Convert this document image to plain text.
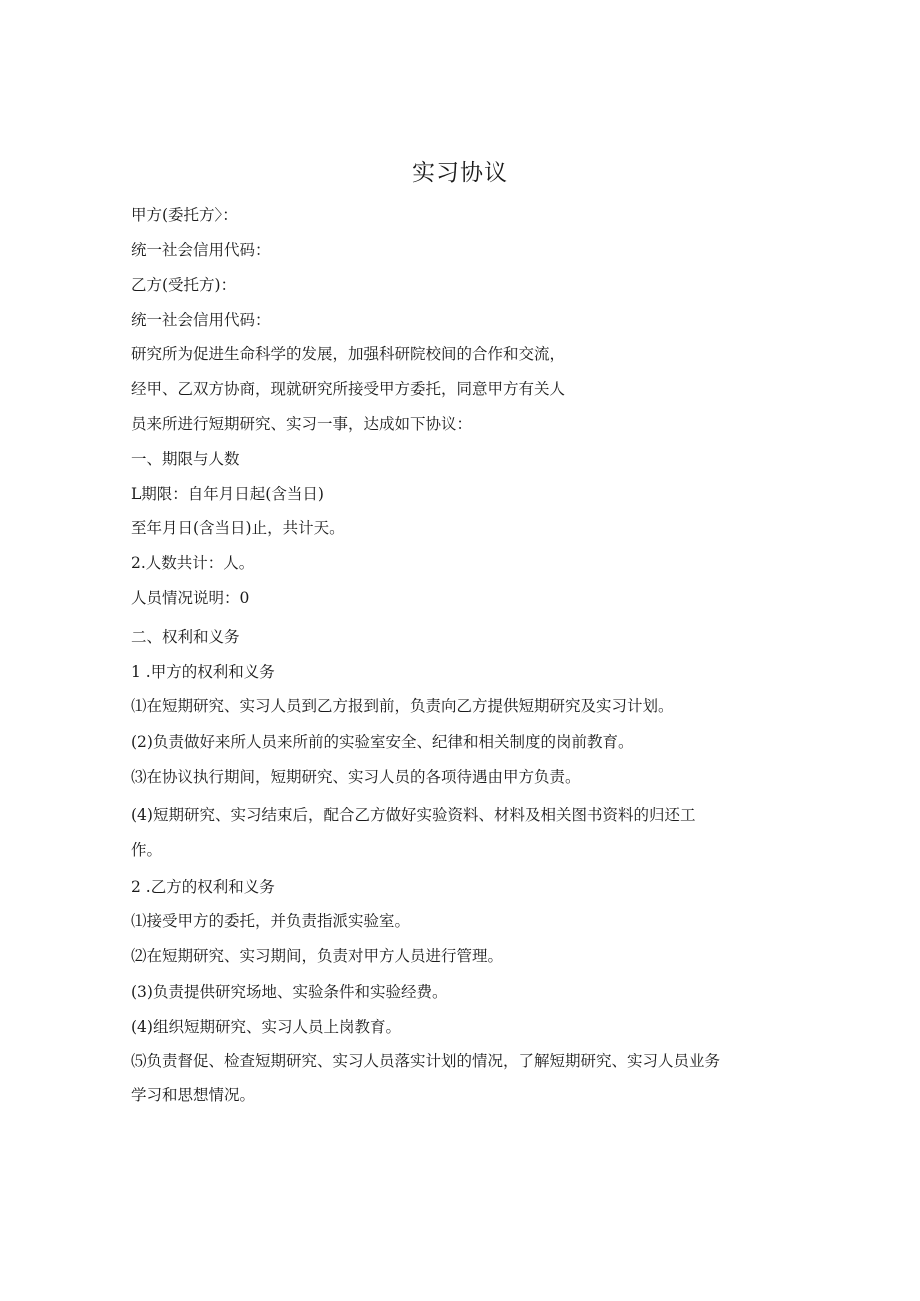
实习协议
甲方(委托方〉：
统一社会信用代码：
乙方(受托方)：
统一社会信用代码：
研究所为促进生命科学的发展，加强科研院校间的合作和交流，
经甲、乙双方协商，现就研究所接受甲方委托，同意甲方有关人
员来所进行短期研究、实习一事，达成如下协议：
一、期限与人数
L期限：自年月日起(含当日)
至年月日(含当日)止，共计天。
2.人数共计：人。
人员情况说明：0
二、权利和义务
1 .甲方的权利和义务
⑴在短期研究、实习人员到乙方报到前，负责向乙方提供短期研究及实习计划。
(2)负责做好来所人员来所前的实验室安全、纪律和相关制度的岗前教育。
⑶在协议执行期间，短期研究、实习人员的各项待遇由甲方负责。
(4)短期研究、实习结束后，配合乙方做好实验资料、材料及相关图书资料的归还工
作。
2 .乙方的权利和义务
⑴接受甲方的委托，并负责指派实验室。
⑵在短期研究、实习期间，负责对甲方人员进行管理。
(3)负责提供研究场地、实验条件和实验经费。
(4)组织短期研究、实习人员上岗教育。
⑸负责督促、检查短期研究、实习人员落实计划的情况，了解短期研究、实习人员业务
学习和思想情况。
